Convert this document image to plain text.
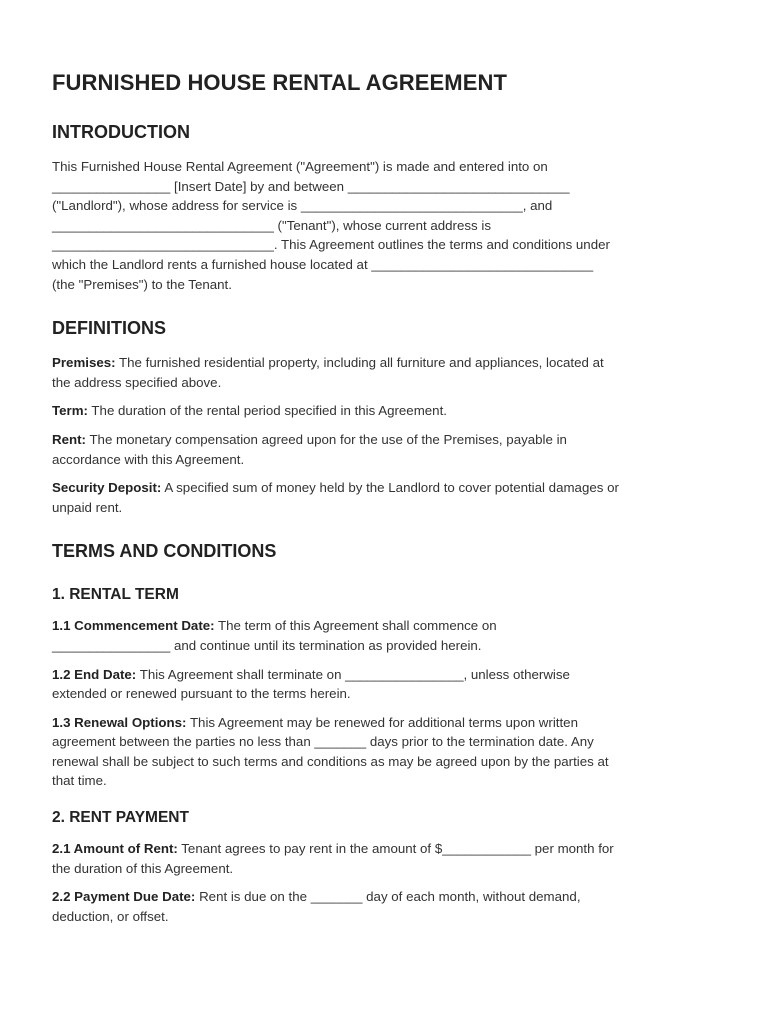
FURNISHED HOUSE RENTAL AGREEMENT
INTRODUCTION

This Furnished House Rental Agreement ("Agreement") is made and entered into on
________________ [Insert Date] by and between ______________________________
("Landlord"), whose address for service is ______________________________, and
______________________________ ("Tenant"), whose current address is
______________________________. This Agreement outlines the terms and conditions under
which the Landlord rents a furnished house located at ______________________________
(the "Premises") to the Tenant.

DEFINITIONS

Premises: The furnished residential property, including all furniture and appliances, located at
the address specified above.

Term: The duration of the rental period specified in this Agreement.

Rent: The monetary compensation agreed upon for the use of the Premises, payable in
accordance with this Agreement.

Security Deposit: A specified sum of money held by the Landlord to cover potential damages or
unpaid rent.

TERMS AND CONDITIONS
1. RENTAL TERM

1.1 Commencement Date: The term of this Agreement shall commence on
________________ and continue until its termination as provided herein.

1.2 End Date: This Agreement shall terminate on ________________, unless otherwise
extended or renewed pursuant to the terms herein.

1.3 Renewal Options: This Agreement may be renewed for additional terms upon written
agreement between the parties no less than _______ days prior to the termination date. Any
renewal shall be subject to such terms and conditions as may be agreed upon by the parties at
that time.

2. RENT PAYMENT

2.1 Amount of Rent: Tenant agrees to pay rent in the amount of $____________ per month for
the duration of this Agreement.

2.2 Payment Due Date: Rent is due on the _______ day of each month, without demand,
deduction, or offset.
